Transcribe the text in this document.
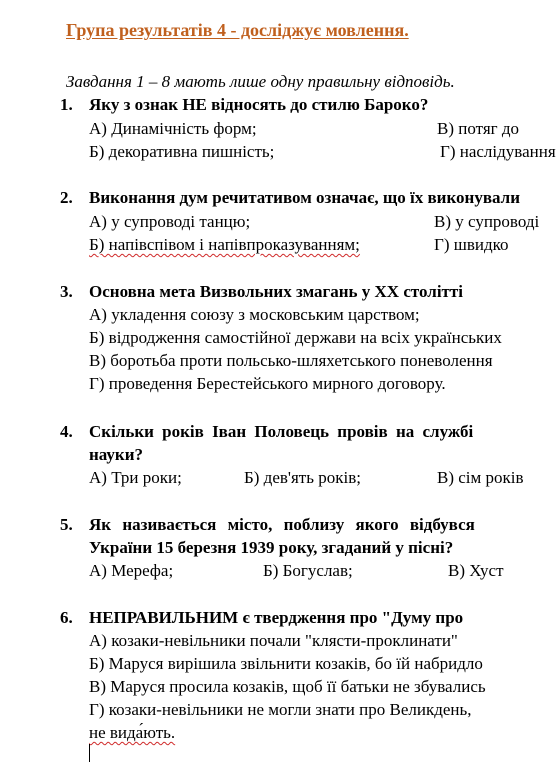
Група результатів 4 - досліджує мовлення.
Завдання 1 – 8 мають лише одну правильну відповідь.
1. Яку з ознак НЕ відносять до стилю Бароко?
А) Динамічність форм;	В) потяг до
Б) декоративна пишність;	Г) наслідування
2. Виконання дум речитативом означає, що їх виконували
А) у супроводі танцю;	В) у супроводі
Б) напівспівом і напівпроказуванням;	Г) швидко
3. Основна мета Визвольних змагань у ХХ столітті
А) укладення союзу з московським царством;
Б) відродження самостійної держави на всіх українських
В) боротьба проти польсько-шляхетського поневолення
Г) проведення Берестейського мирного договору.
4. Скільки років Іван Половець провів на службі
науки?
А) Три роки;	Б) дев'ять років;	В) сім років
5. Як називається місто, поблизу якого відбувся
України 15 березня 1939 року, згаданий у пісні?
А) Мерефа;	Б) Богуслав;	В) Хуст
6. НЕПРАВИЛЬНИМ є твердження про "Думу про
А) козаки-невільники почали "клясти-проклинати"
Б) Маруся вирішила звільнити козаків, бо їй набридло
В) Маруся просила козаків, щоб її батьки не збувались
Г) козаки-невільники не могли знати про Великдень,
не вида́ють.
